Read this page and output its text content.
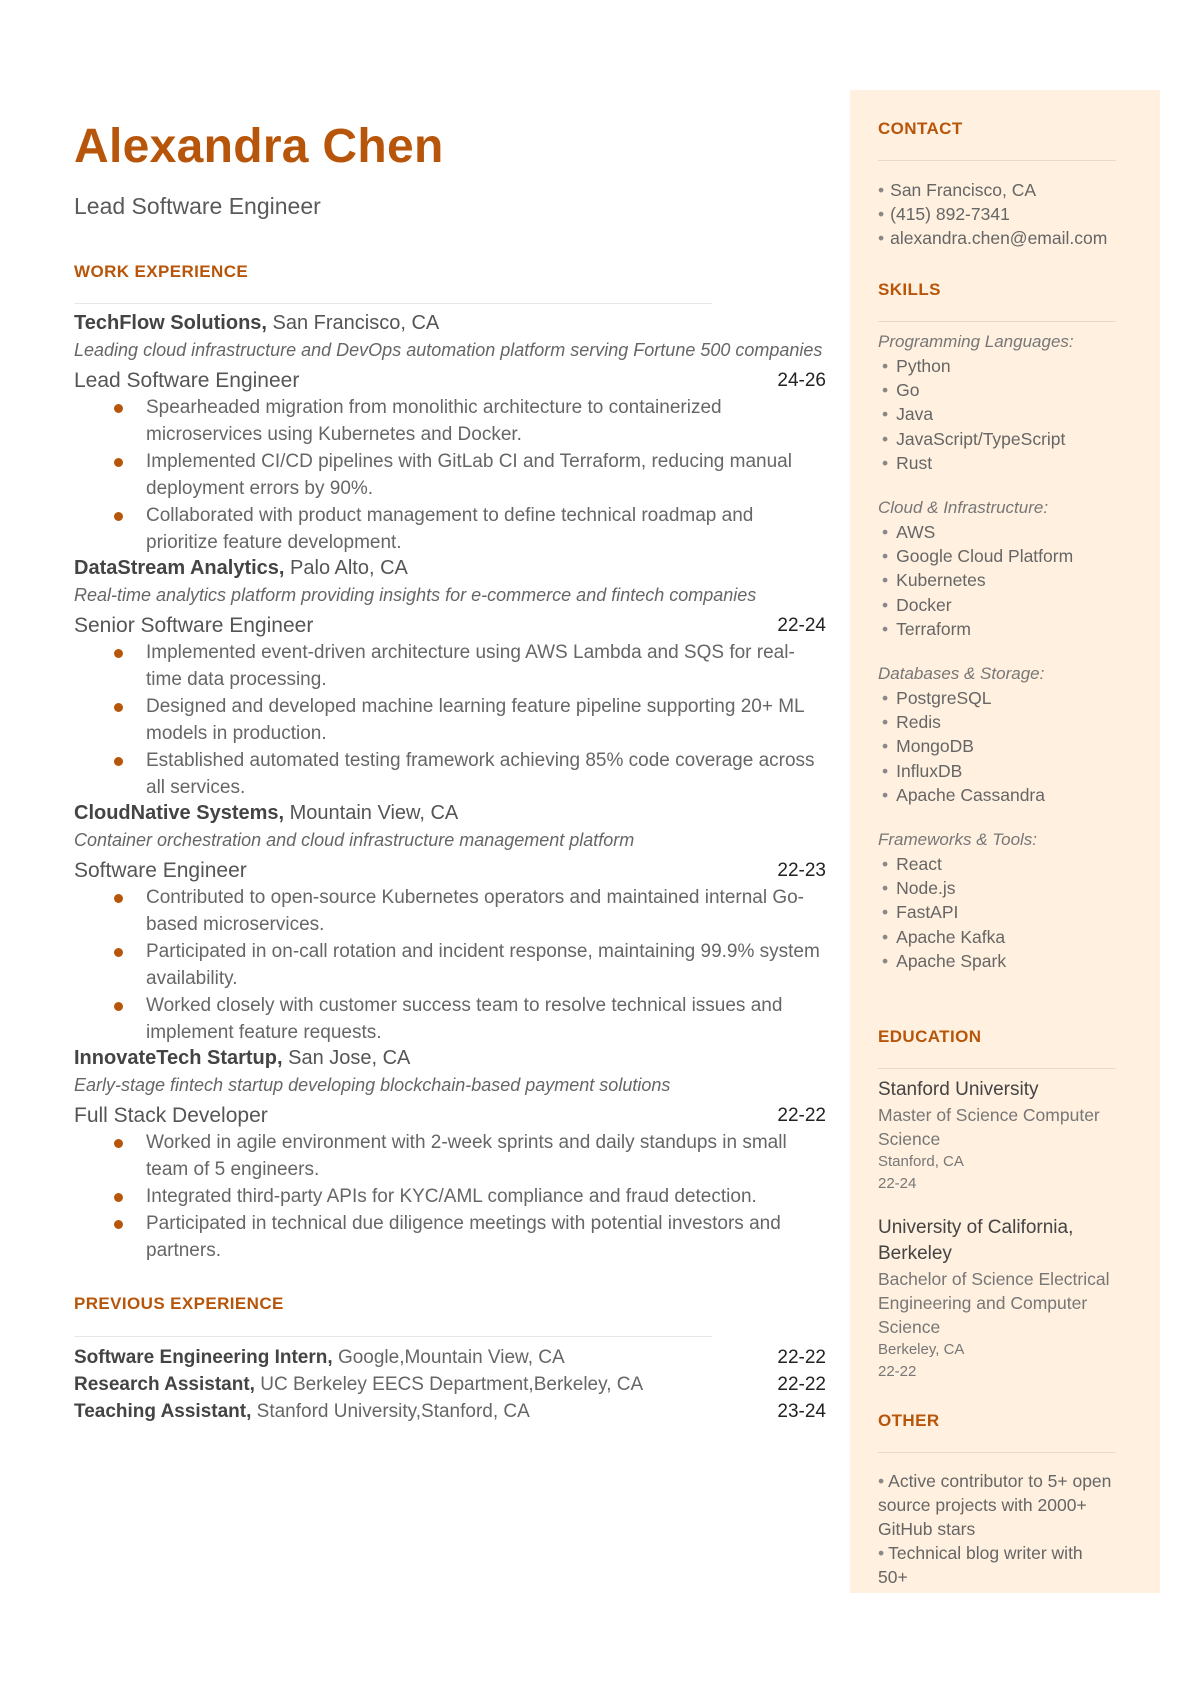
Alexandra Chen
Lead Software Engineer
WORK EXPERIENCE
TechFlow Solutions, San Francisco, CA
Leading cloud infrastructure and DevOps automation platform serving Fortune 500 companies
Lead Software Engineer	24-26
Spearheaded migration from monolithic architecture to containerized microservices using Kubernetes and Docker.
Implemented CI/CD pipelines with GitLab CI and Terraform, reducing manual deployment errors by 90%.
Collaborated with product management to define technical roadmap and prioritize feature development.
DataStream Analytics, Palo Alto, CA
Real-time analytics platform providing insights for e-commerce and fintech companies
Senior Software Engineer	22-24
Implemented event-driven architecture using AWS Lambda and SQS for real-time data processing.
Designed and developed machine learning feature pipeline supporting 20+ ML models in production.
Established automated testing framework achieving 85% code coverage across all services.
CloudNative Systems, Mountain View, CA
Container orchestration and cloud infrastructure management platform
Software Engineer	22-23
Contributed to open-source Kubernetes operators and maintained internal Go-based microservices.
Participated in on-call rotation and incident response, maintaining 99.9% system availability.
Worked closely with customer success team to resolve technical issues and implement feature requests.
InnovateTech Startup, San Jose, CA
Early-stage fintech startup developing blockchain-based payment solutions
Full Stack Developer	22-22
Worked in agile environment with 2-week sprints and daily standups in small team of 5 engineers.
Integrated third-party APIs for KYC/AML compliance and fraud detection.
Participated in technical due diligence meetings with potential investors and partners.
PREVIOUS EXPERIENCE
Software Engineering Intern, Google,Mountain View, CA	22-22
Research Assistant, UC Berkeley EECS Department,Berkeley, CA	22-22
Teaching Assistant, Stanford University,Stanford, CA	23-24
CONTACT
• San Francisco, CA
• (415) 892-7341
• alexandra.chen@email.com
SKILLS
Programming Languages:
• Python
• Go
• Java
• JavaScript/TypeScript
• Rust
Cloud & Infrastructure:
• AWS
• Google Cloud Platform
• Kubernetes
• Docker
• Terraform
Databases & Storage:
• PostgreSQL
• Redis
• MongoDB
• InfluxDB
• Apache Cassandra
Frameworks & Tools:
• React
• Node.js
• FastAPI
• Apache Kafka
• Apache Spark
EDUCATION
Stanford University
Master of Science Computer Science
Stanford, CA
22-24
University of California, Berkeley
Bachelor of Science Electrical Engineering and Computer Science
Berkeley, CA
22-22
OTHER
• Active contributor to 5+ open source projects with 2000+ GitHub stars
• Technical blog writer with 50+
